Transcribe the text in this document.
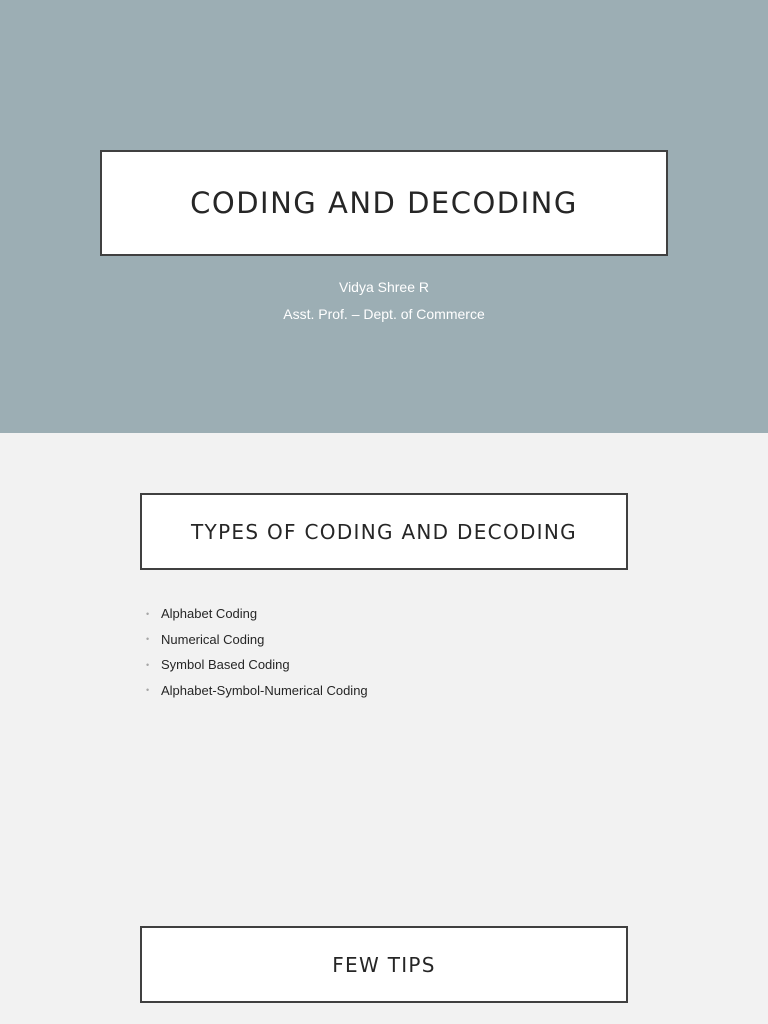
CODING AND DECODING
Vidya Shree R
Asst. Prof. – Dept. of Commerce
TYPES OF CODING AND DECODING
• Alphabet Coding
• Numerical Coding
• Symbol Based Coding
• Alphabet-Symbol-Numerical Coding
FEW TIPS
